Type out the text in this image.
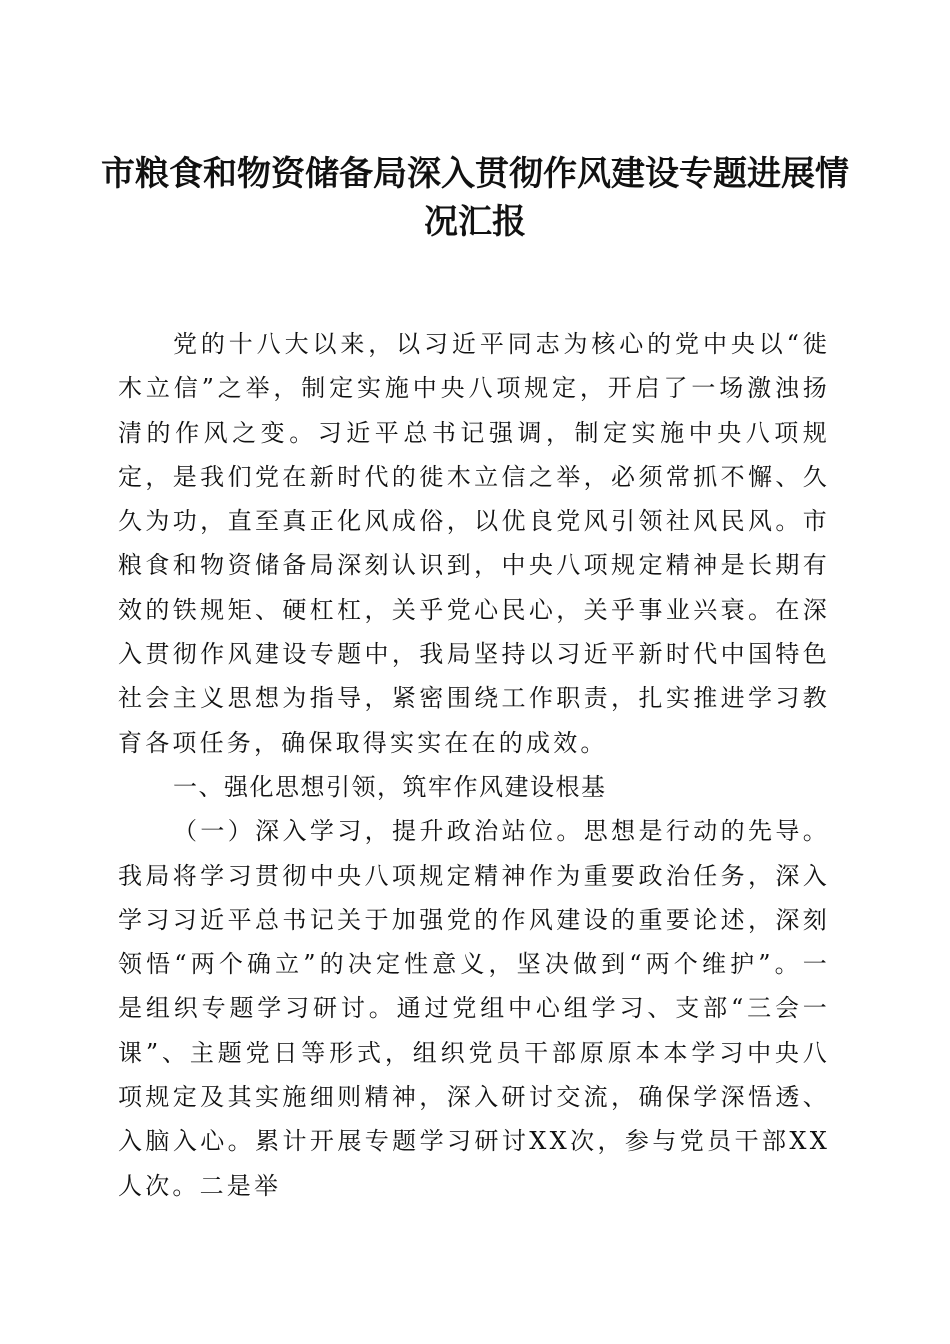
市粮食和物资储备局深入贯彻作风建设专题进展情况汇报

党的十八大以来，以习近平同志为核心的党中央以“徙木立信”之举，制定实施中央八项规定，开启了一场激浊扬清的作风之变。习近平总书记强调，制定实施中央八项规定，是我们党在新时代的徙木立信之举，必须常抓不懈、久久为功，直至真正化风成俗，以优良党风引领社风民风。市粮食和物资储备局深刻认识到，中央八项规定精神是长期有效的铁规矩、硬杠杠，关乎党心民心，关乎事业兴衰。在深入贯彻作风建设专题中，我局坚持以习近平新时代中国特色社会主义思想为指导，紧密围绕工作职责，扎实推进学习教育各项任务，确保取得实实在在的成效。

一、强化思想引领，筑牢作风建设根基

（一）深入学习，提升政治站位。思想是行动的先导。我局将学习贯彻中央八项规定精神作为重要政治任务，深入学习习近平总书记关于加强党的作风建设的重要论述，深刻领悟“两个确立”的决定性意义，坚决做到“两个维护”。一是组织专题学习研讨。通过党组中心组学习、支部“三会一课”、主题党日等形式，组织党员干部原原本本学习中央八项规定及其实施细则精神，深入研讨交流，确保学深悟透、入脑入心。累计开展专题学习研讨XX次，参与党员干部XX人次。二是举
